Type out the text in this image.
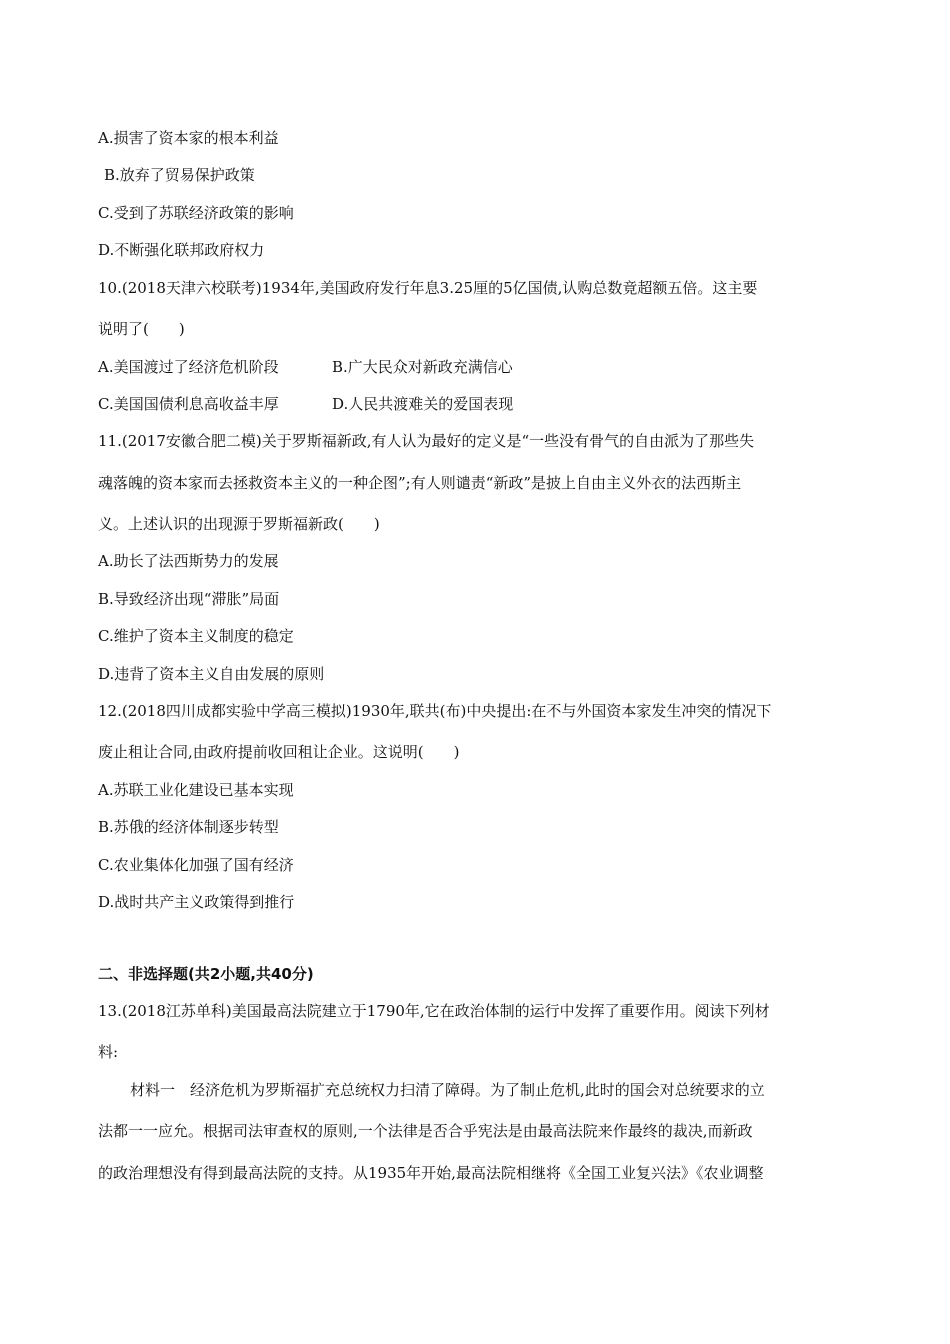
A.损害了资本家的根本利益
B.放弃了贸易保护政策
C.受到了苏联经济政策的影响
D.不断强化联邦政府权力
10.(2018天津六校联考)1934年,美国政府发行年息3.25厘的5亿国债,认购总数竟超额五倍。这主要
说明了(　　)
A.美国渡过了经济危机阶段	B.广大民众对新政充满信心
C.美国国债利息高收益丰厚	D.人民共渡难关的爱国表现
11.(2017安徽合肥二模)关于罗斯福新政,有人认为最好的定义是“一些没有骨气的自由派为了那些失
魂落魄的资本家而去拯救资本主义的一种企图”;有人则谴责“新政”是披上自由主义外衣的法西斯主
义。上述认识的出现源于罗斯福新政(　　)
A.助长了法西斯势力的发展
B.导致经济出现“滞胀”局面
C.维护了资本主义制度的稳定
D.违背了资本主义自由发展的原则
12.(2018四川成都实验中学高三模拟)1930年,联共(布)中央提出:在不与外国资本家发生冲突的情况下
废止租让合同,由政府提前收回租让企业。这说明(　　)
A.苏联工业化建设已基本实现
B.苏俄的经济体制逐步转型
C.农业集体化加强了国有经济
D.战时共产主义政策得到推行
二、非选择题(共2小题,共40分)
13.(2018江苏单科)美国最高法院建立于1790年,它在政治体制的运行中发挥了重要作用。阅读下列材
料:
材料一　经济危机为罗斯福扩充总统权力扫清了障碍。为了制止危机,此时的国会对总统要求的立
法都一一应允。根据司法审查权的原则,一个法律是否合乎宪法是由最高法院来作最终的裁决,而新政
的政治理想没有得到最高法院的支持。从1935年开始,最高法院相继将《全国工业复兴法》《农业调整
